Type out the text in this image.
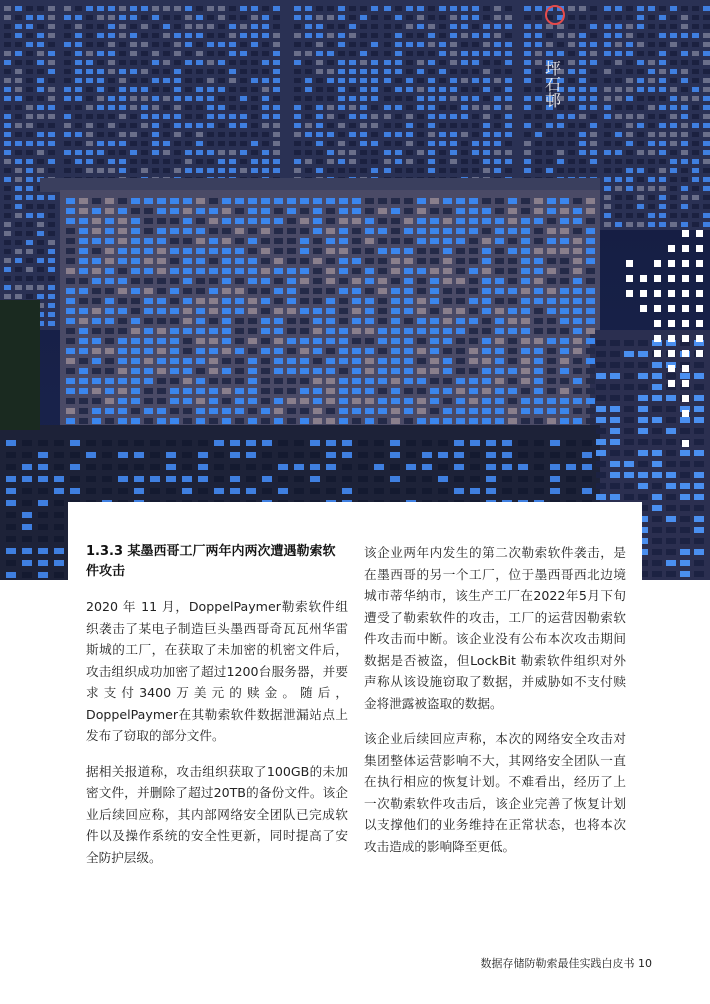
坪石邨
1.3.3 某墨西哥工厂两年内两次遭遇勒索软件攻击

2020 年 11 月，DoppelPaymer勒索软件组织袭击了某电子制造巨头墨西哥奇瓦瓦州华雷斯城的工厂，在获取了未加密的机密文件后，攻击组织成功加密了超过1200台服务器，并要求支付3400万美元的赎金。随后，DoppelPaymer在其勒索软件数据泄漏站点上发布了窃取的部分文件。

据相关报道称，攻击组织获取了100GB的未加密文件，并删除了超过20TB的备份文件。该企业后续回应称，其内部网络安全团队已完成软件以及操作系统的安全性更新，同时提高了安全防护层级。

该企业两年内发生的第二次勒索软件袭击，是在墨西哥的另一个工厂，位于墨西哥西北边境城市蒂华纳市，该生产工厂在2022年5月下旬遭受了勒索软件的攻击，工厂的运营因勒索软件攻击而中断。该企业没有公布本次攻击期间数据是否被盗，但LockBit 勒索软件组织对外声称从该设施窃取了数据，并威胁如不支付赎金将泄露被盗取的数据。

该企业后续回应声称，本次的网络安全攻击对集团整体运营影响不大，其网络安全团队一直在执行相应的恢复计划。不难看出，经历了上一次勒索软件攻击后，该企业完善了恢复计划以支撑他们的业务维持在正常状态，也将本次攻击造成的影响降至更低。

数据存储防勒索最佳实践白皮书 10
